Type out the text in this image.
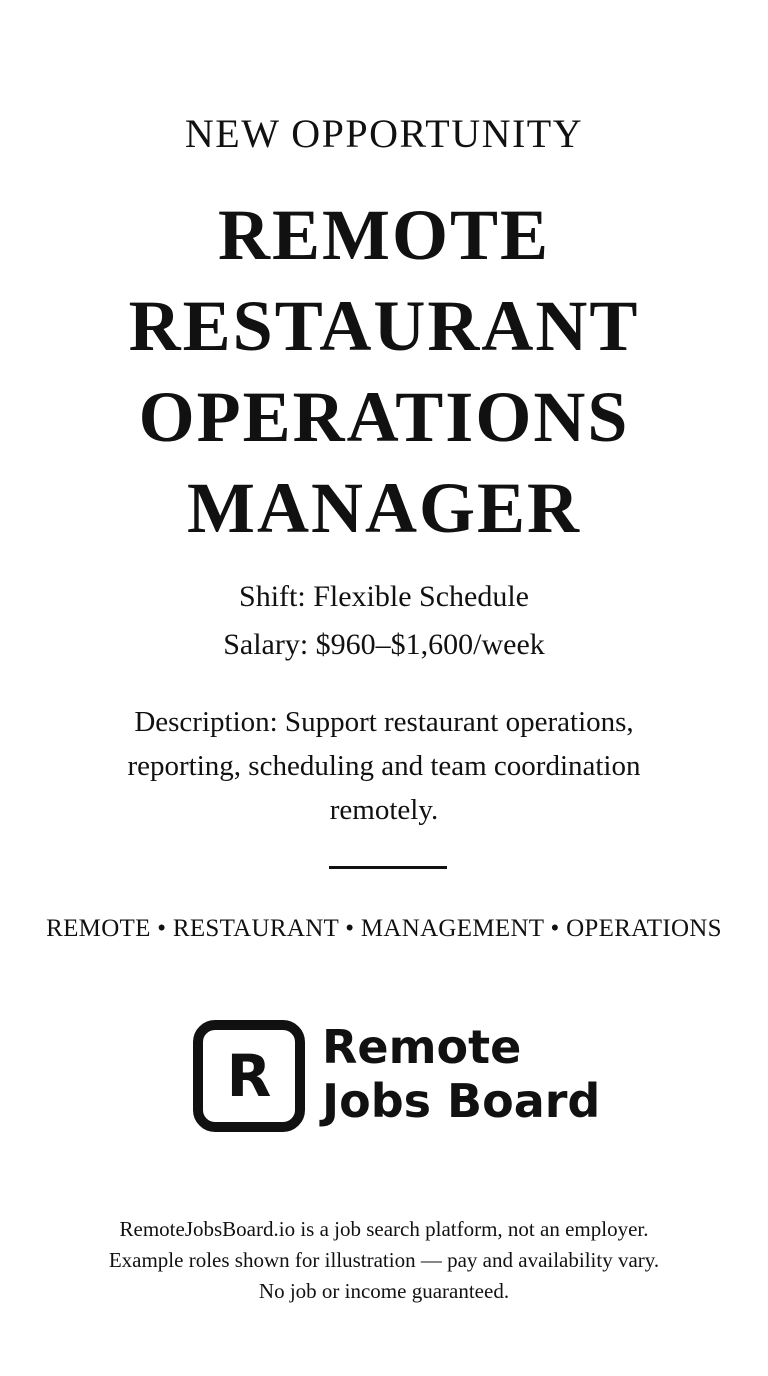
NEW OPPORTUNITY
REMOTE
RESTAURANT
OPERATIONS
MANAGER
Shift: Flexible Schedule
Salary: $960–$1,600/week
Description: Support restaurant operations, reporting, scheduling and team coordination remotely.
REMOTE • RESTAURANT • MANAGEMENT • OPERATIONS
R Remote
Jobs Board
RemoteJobsBoard.io is a job search platform, not an employer.
Example roles shown for illustration — pay and availability vary.
No job or income guaranteed.
